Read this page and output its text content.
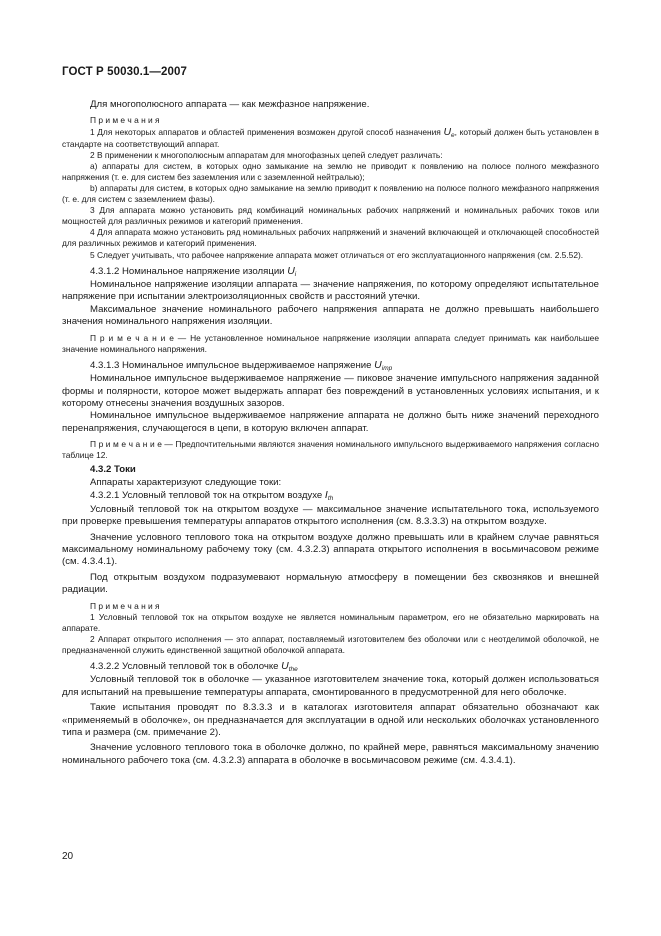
ГОСТ Р 50030.1—2007

Для многополюсного аппарата — как межфазное напряжение.

П р и м е ч а н и я

1 Для некоторых аппаратов и областей применения возможен другой способ назначения $U_e$, который должен быть установлен в стандарте на соответствующий аппарат.

2 В применении к многополюсным аппаратам для многофазных цепей следует различать:

a) аппараты для систем, в которых одно замыкание на землю не приводит к появлению на полюсе полного межфазного напряжения (т. е. для систем без заземления или с заземленной нейтралью);

b) аппараты для систем, в которых одно замыкание на землю приводит к появлению на полюсе полного межфазного напряжения (т. е. для систем с заземлением фазы).

3 Для аппарата можно установить ряд комбинаций номинальных рабочих напряжений и номинальных рабочих токов или мощностей для различных режимов и категорий применения.

4 Для аппарата можно установить ряд номинальных рабочих напряжений и значений включающей и отключающей способностей для различных режимов и категорий применения.

5 Следует учитывать, что рабочее напряжение аппарата может отличаться от его эксплуатационного напряжения (см. 2.5.52).

4.3.1.2 Номинальное напряжение изоляции $U_i$

Номинальное напряжение изоляции аппарата — значение напряжения, по которому определяют испытательное напряжение при испытании электроизоляционных свойств и расстояний утечки.

Максимальное значение номинального рабочего напряжения аппарата не должно превышать наибольшего значения номинального напряжения изоляции.

П р и м е ч а н и е — Не установленное номинальное напряжение изоляции аппарата следует принимать как наибольшее значение номинального напряжения.

4.3.1.3 Номинальное импульсное выдерживаемое напряжение $U_{imp}$

Номинальное импульсное выдерживаемое напряжение — пиковое значение импульсного напряжения заданной формы и полярности, которое может выдержать аппарат без повреждений в установленных условиях испытания, и к которому отнесены значения воздушных зазоров.

Номинальное импульсное выдерживаемое напряжение аппарата не должно быть ниже значений переходного перенапряжения, случающегося в цепи, в которую включен аппарат.

П р и м е ч а н и е — Предпочтительными являются значения номинального импульсного выдерживаемого напряжения согласно таблице 12.

4.3.2 Токи

Аппараты характеризуют следующие токи:

4.3.2.1 Условный тепловой ток на открытом воздухе $I_{th}$

Условный тепловой ток на открытом воздухе — максимальное значение испытательного тока, используемого при проверке превышения температуры аппаратов открытого исполнения (см. 8.3.3.3) на открытом воздухе.

Значение условного теплового тока на открытом воздухе должно превышать или в крайнем случае равняться максимальному номинальному рабочему току (см. 4.3.2.3) аппарата открытого исполнения в восьмичасовом режиме (см. 4.3.4.1).

Под открытым воздухом подразумевают нормальную атмосферу в помещении без сквозняков и внешней радиации.

П р и м е ч а н и я

1 Условный тепловой ток на открытом воздухе не является номинальным параметром, его не обязательно маркировать на аппарате.

2 Аппарат открытого исполнения — это аппарат, поставляемый изготовителем без оболочки или с неотделимой оболочкой, не предназначенной служить единственной защитной оболочкой аппарата.

4.3.2.2 Условный тепловой ток в оболочке $U_{the}$

Условный тепловой ток в оболочке — указанное изготовителем значение тока, который должен использоваться для испытаний на превышение температуры аппарата, смонтированного в предусмотренной для него оболочке.

Такие испытания проводят по 8.3.3.3 и в каталогах изготовителя аппарат обязательно обозначают как «применяемый в оболочке», он предназначается для эксплуатации в одной или нескольких оболочках установленного типа и размера (см. примечание 2).

Значение условного теплового тока в оболочке должно, по крайней мере, равняться максимальному значению номинального рабочего тока (см. 4.3.2.3) аппарата в оболочке в восьмичасовом режиме (см. 4.3.4.1).

20
